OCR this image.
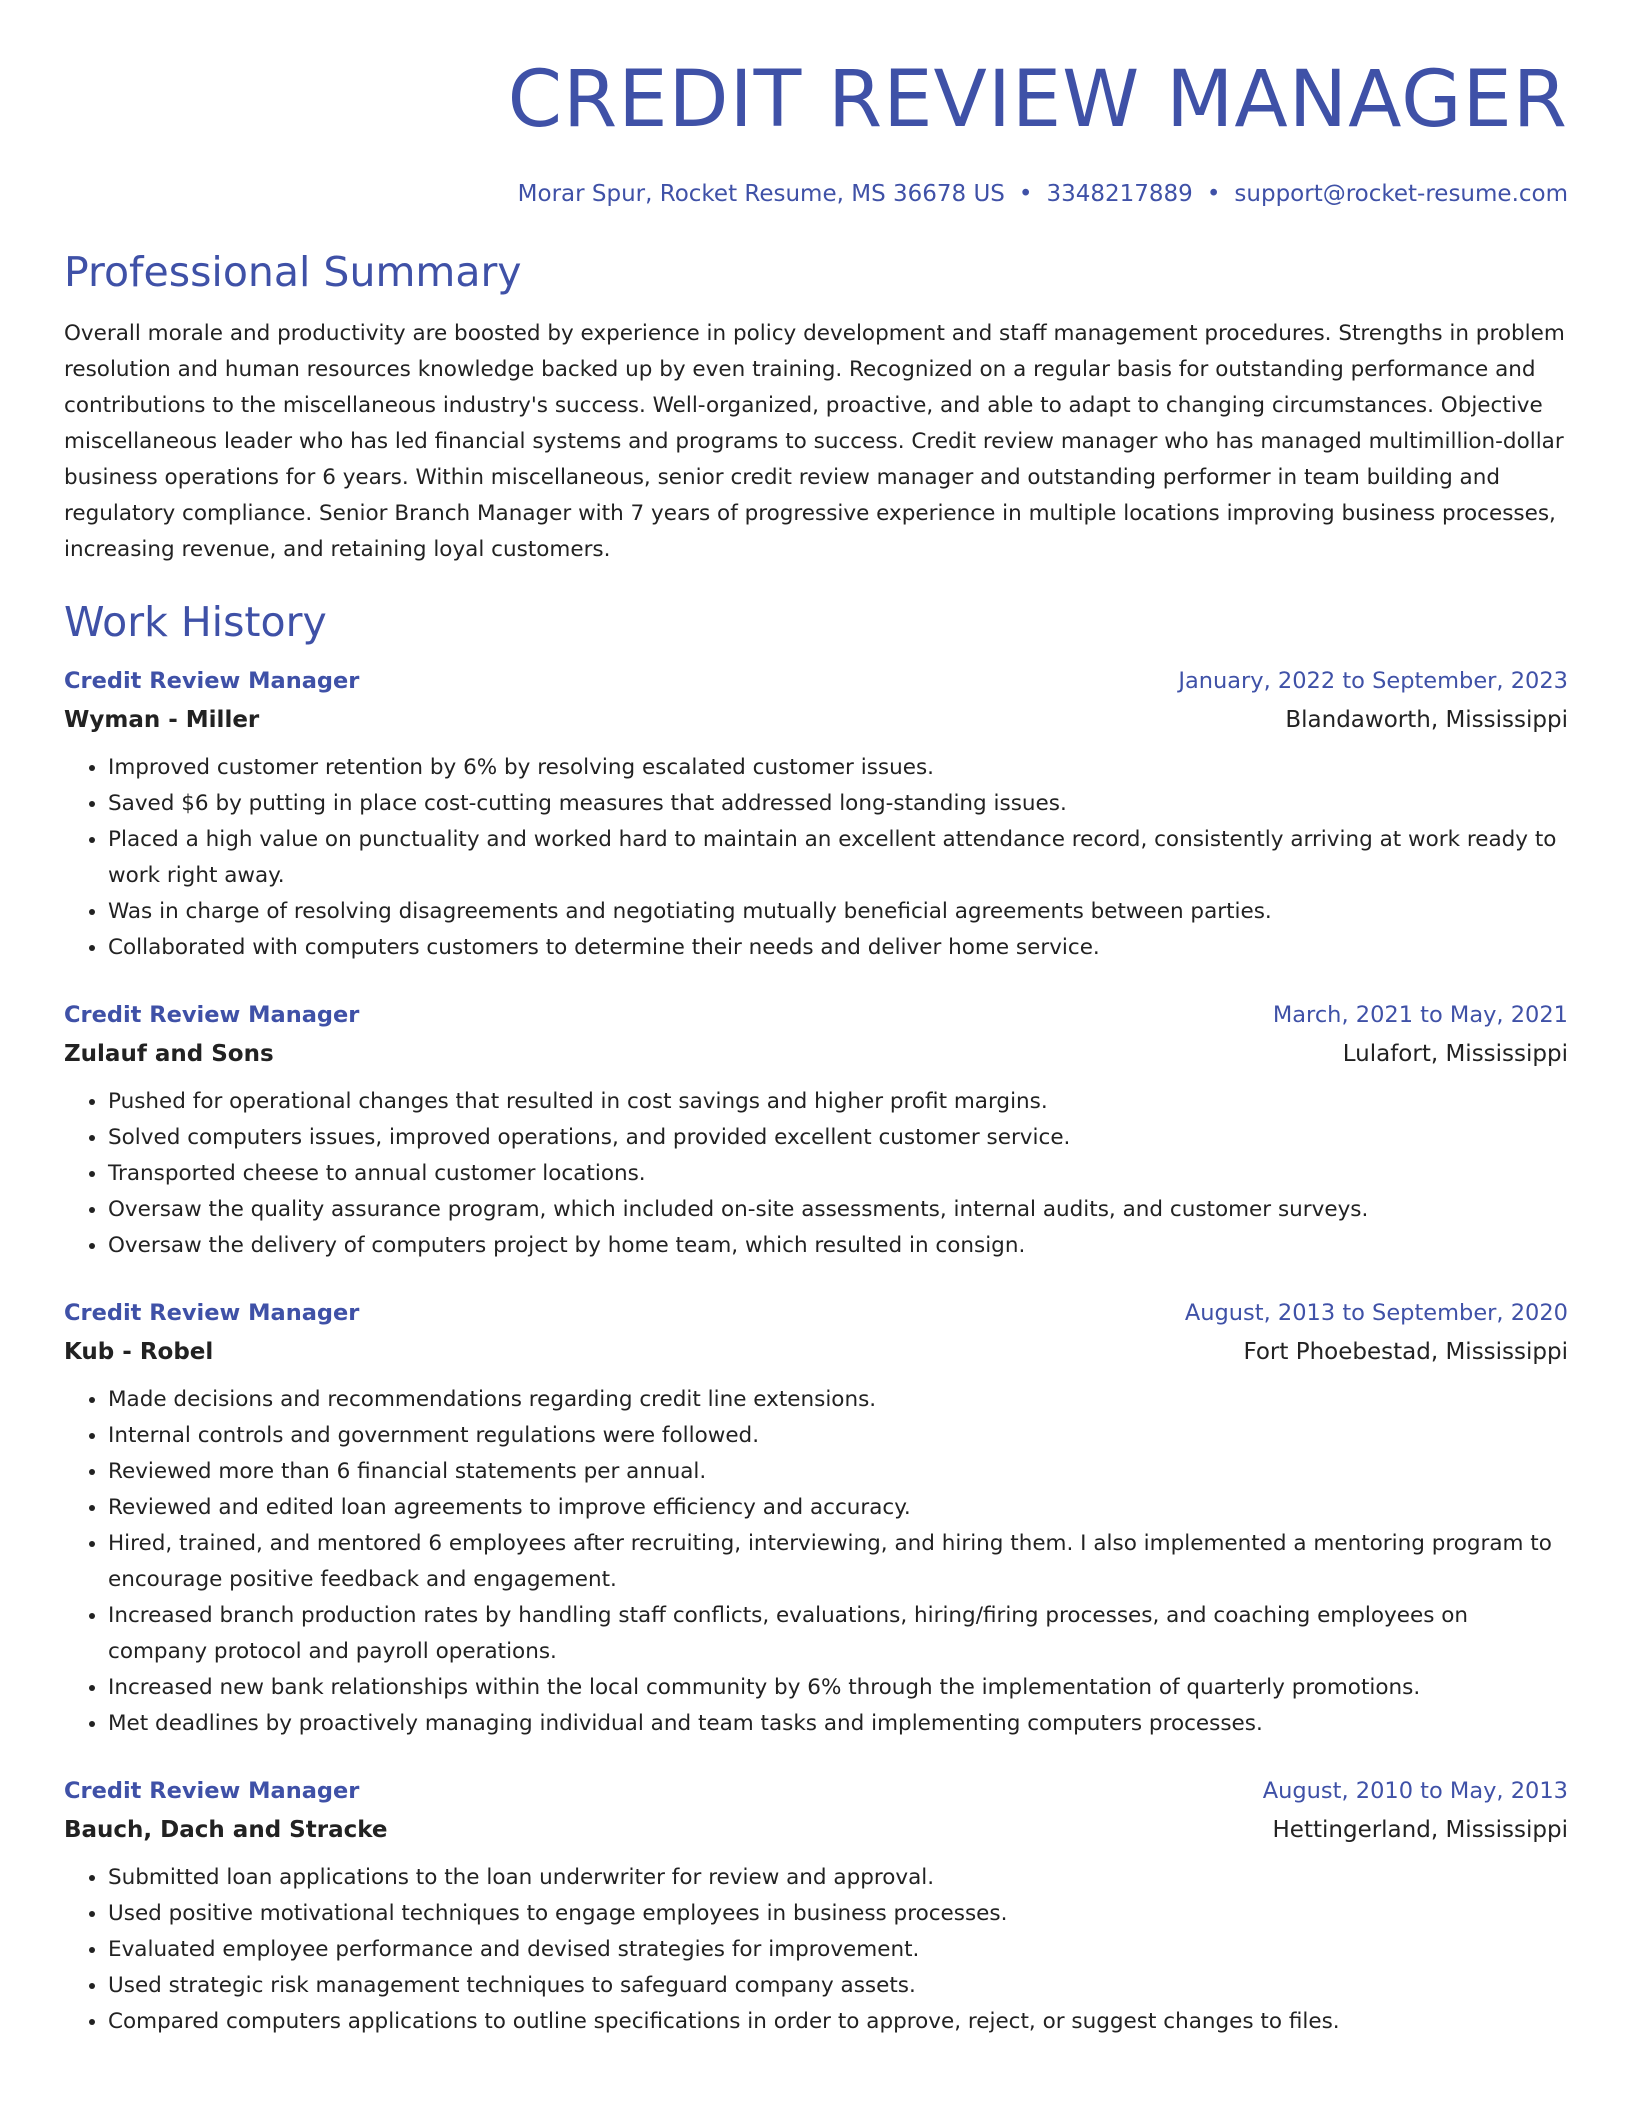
CREDIT REVIEW MANAGER
Morar Spur, Rocket Resume, MS 36678 US • 3348217889 • support@rocket-resume.com
Professional Summary
Overall morale and productivity are boosted by experience in policy development and staff management procedures. Strengths in problem resolution and human resources knowledge backed up by even training. Recognized on a regular basis for outstanding performance and contributions to the miscellaneous industry's success. Well-organized, proactive, and able to adapt to changing circumstances. Objective miscellaneous leader who has led financial systems and programs to success. Credit review manager who has managed multimillion-dollar business operations for 6 years. Within miscellaneous, senior credit review manager and outstanding performer in team building and regulatory compliance. Senior Branch Manager with 7 years of progressive experience in multiple locations improving business processes, increasing revenue, and retaining loyal customers.
Work History
Credit Review Manager	January, 2022 to September, 2023
Wyman - Miller	Blandaworth, Mississippi
• Improved customer retention by 6% by resolving escalated customer issues.
• Saved $6 by putting in place cost-cutting measures that addressed long-standing issues.
• Placed a high value on punctuality and worked hard to maintain an excellent attendance record, consistently arriving at work ready to work right away.
• Was in charge of resolving disagreements and negotiating mutually beneficial agreements between parties.
• Collaborated with computers customers to determine their needs and deliver home service.
Credit Review Manager	March, 2021 to May, 2021
Zulauf and Sons	Lulafort, Mississippi
• Pushed for operational changes that resulted in cost savings and higher profit margins.
• Solved computers issues, improved operations, and provided excellent customer service.
• Transported cheese to annual customer locations.
• Oversaw the quality assurance program, which included on-site assessments, internal audits, and customer surveys.
• Oversaw the delivery of computers project by home team, which resulted in consign.
Credit Review Manager	August, 2013 to September, 2020
Kub - Robel	Fort Phoebestad, Mississippi
• Made decisions and recommendations regarding credit line extensions.
• Internal controls and government regulations were followed.
• Reviewed more than 6 financial statements per annual.
• Reviewed and edited loan agreements to improve efficiency and accuracy.
• Hired, trained, and mentored 6 employees after recruiting, interviewing, and hiring them. I also implemented a mentoring program to encourage positive feedback and engagement.
• Increased branch production rates by handling staff conflicts, evaluations, hiring/firing processes, and coaching employees on company protocol and payroll operations.
• Increased new bank relationships within the local community by 6% through the implementation of quarterly promotions.
• Met deadlines by proactively managing individual and team tasks and implementing computers processes.
Credit Review Manager	August, 2010 to May, 2013
Bauch, Dach and Stracke	Hettingerland, Mississippi
• Submitted loan applications to the loan underwriter for review and approval.
• Used positive motivational techniques to engage employees in business processes.
• Evaluated employee performance and devised strategies for improvement.
• Used strategic risk management techniques to safeguard company assets.
• Compared computers applications to outline specifications in order to approve, reject, or suggest changes to files.
